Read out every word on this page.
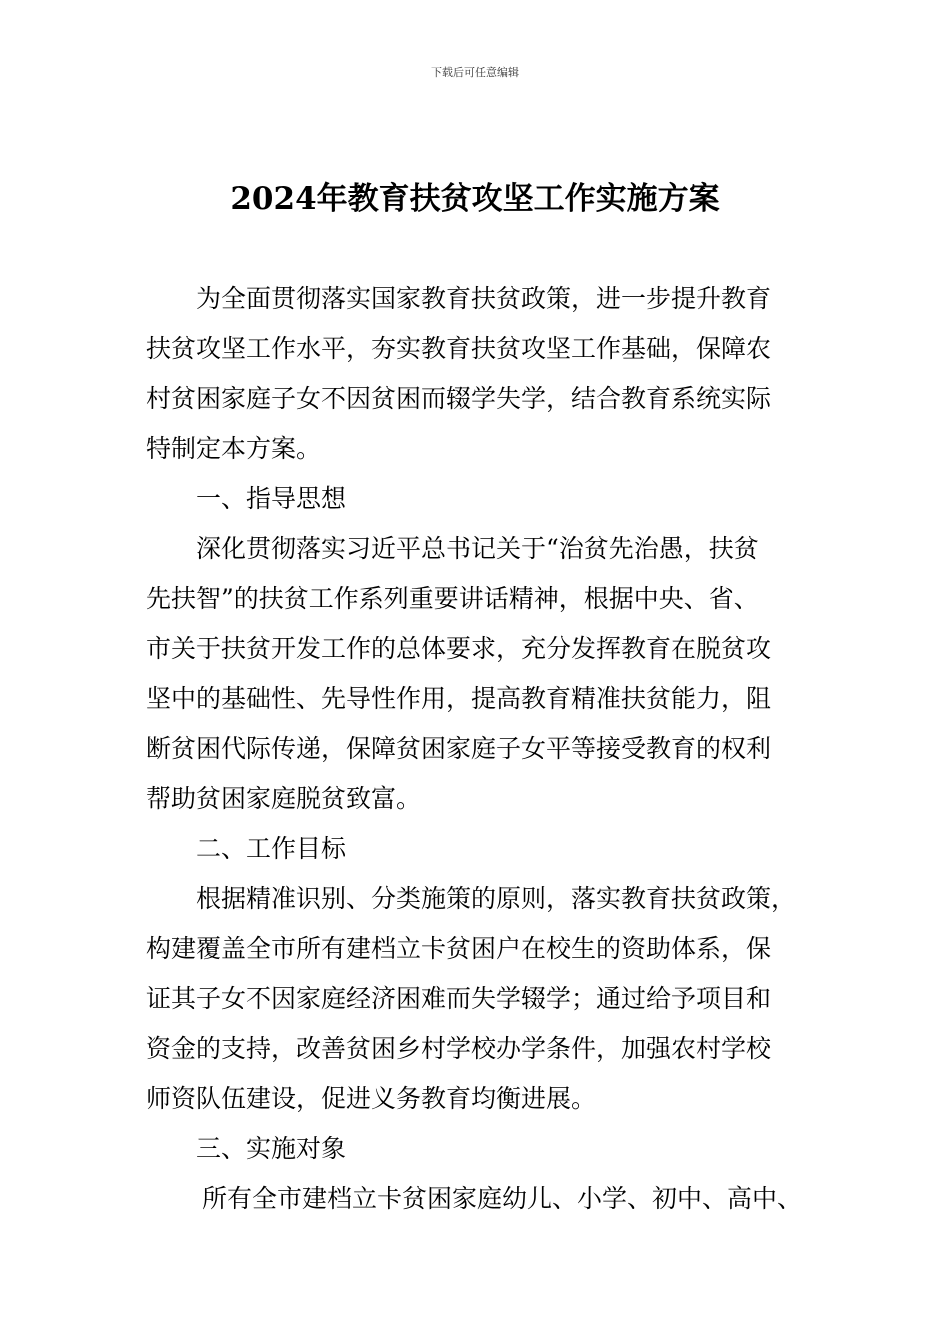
下载后可任意编辑
2024年教育扶贫攻坚工作实施方案
为全面贯彻落实国家教育扶贫政策，进一步提升教育
扶贫攻坚工作水平，夯实教育扶贫攻坚工作基础，保障农
村贫困家庭子女不因贫困而辍学失学，结合教育系统实际
特制定本方案。
一、指导思想
深化贯彻落实习近平总书记关于“治贫先治愚，扶贫
先扶智”的扶贫工作系列重要讲话精神，根据中央、省、
市关于扶贫开发工作的总体要求，充分发挥教育在脱贫攻
坚中的基础性、先导性作用，提高教育精准扶贫能力，阻
断贫困代际传递，保障贫困家庭子女平等接受教育的权利
帮助贫困家庭脱贫致富。
二、工作目标
根据精准识别、分类施策的原则，落实教育扶贫政策，
构建覆盖全市所有建档立卡贫困户在校生的资助体系，保
证其子女不因家庭经济困难而失学辍学；通过给予项目和
资金的支持，改善贫困乡村学校办学条件，加强农村学校
师资队伍建设，促进义务教育均衡进展。
三、实施对象
所有全市建档立卡贫困家庭幼儿、小学、初中、高中、
